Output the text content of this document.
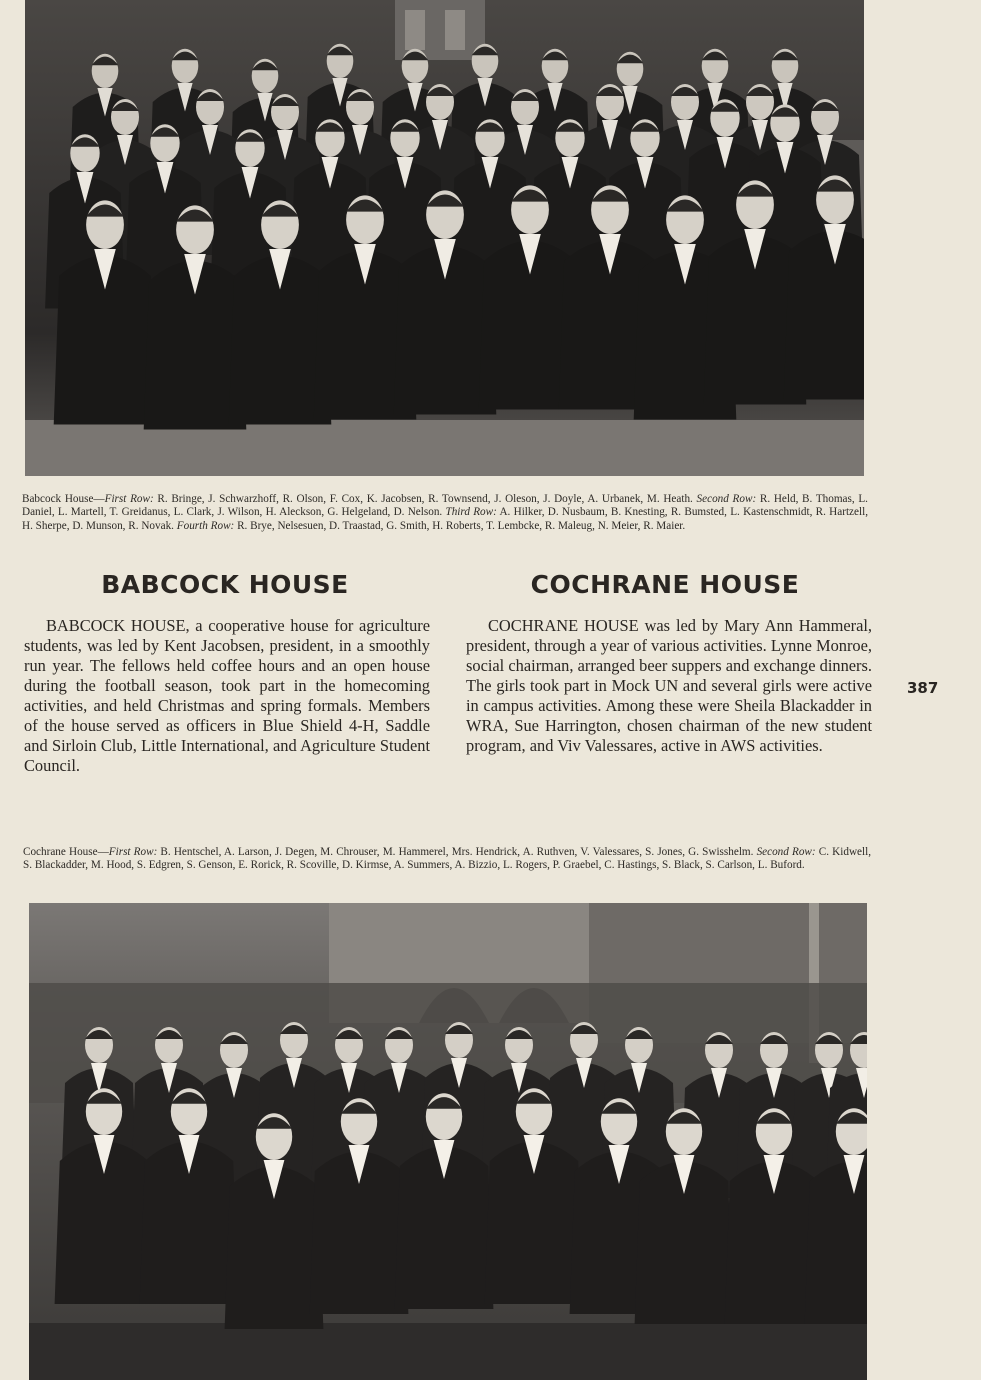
Babcock House—First Row: R. Bringe, J. Schwarzhoff, R. Olson, F. Cox, K. Jacobsen, R. Townsend, J. Oleson, J. Doyle, A. Urbanek, M. Heath. Second Row: R. Held, B. Thomas, L. Daniel, L. Martell, T. Greidanus, L. Clark, J. Wilson, H. Aleckson, G. Helgeland, D. Nelson. Third Row: A. Hilker, D. Nusbaum, B. Knesting, R. Bumsted, L. Kastenschmidt, R. Hartzell, H. Sherpe, D. Munson, R. Novak. Fourth Row: R. Brye, Nelsesuen, D. Traastad, G. Smith, H. Roberts, T. Lembcke, R. Maleug, N. Meier, R. Maier.
BABCOCK HOUSE	COCHRANE HOUSE
BABCOCK HOUSE, a cooperative house for agriculture students, was led by Kent Jacobsen, president, in a smoothly run year. The fellows held coffee hours and an open house during the football season, took part in the homecoming activities, and held Christmas and spring formals. Members of the house served as officers in Blue Shield 4-H, Saddle and Sirloin Club, Little International, and Agriculture Student Council.
COCHRANE HOUSE was led by Mary Ann Hammeral, president, through a year of various activities. Lynne Monroe, social chairman, arranged beer suppers and exchange dinners. The girls took part in Mock UN and several girls were active in campus activities. Among these were Sheila Blackadder in WRA, Sue Harrington, chosen chairman of the new student program, and Viv Valessares, active in AWS activities.
387
Cochrane House—First Row: B. Hentschel, A. Larson, J. Degen, M. Chrouser, M. Hammerel, Mrs. Hendrick, A. Ruthven, V. Valessares, S. Jones, G. Swisshelm. Second Row: C. Kidwell, S. Blackadder, M. Hood, S. Edgren, S. Genson, E. Rorick, R. Scoville, D. Kirmse, A. Summers, A. Bizzio, L. Rogers, P. Graebel, C. Hastings, S. Black, S. Carlson, L. Buford.
